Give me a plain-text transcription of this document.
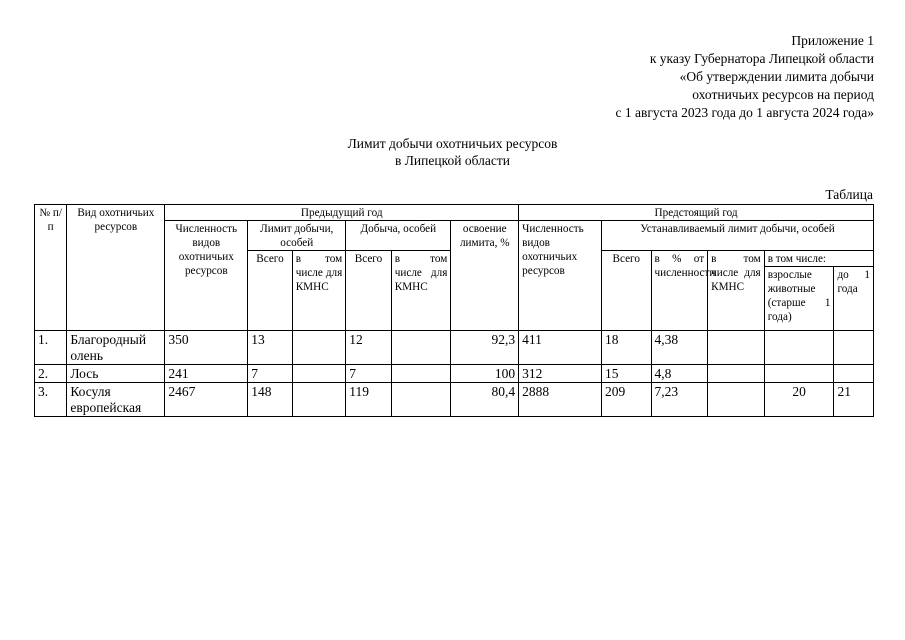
Приложение 1
к указу Губернатора Липецкой области
«Об утверждении лимита добычи
охотничьих ресурсов на период
с 1 августа 2023 года до 1 августа 2024 года»
Лимит добычи охотничьих ресурсов
в Липецкой области
Таблица
№ п/п	Вид охотничьих ресурсов	Предыдущий год						Предстоящий год					
		Численность видов охотничьих ресурсов	Лимит добычи, особей		Добыча, особей		освоение лимита, %	Численность видов охотничьих ресурсов	Устанавливаемый лимит добычи, особей				
			Всего	в том числе для КМНС	Всего	в том числе для КМНС			Всего	в % от численности	в том числе для КМНС	в том числе:	
												взрослые животные (старше 1 года)	до 1 года
1.	Благородный олень	350	13		12		92,3	411	18	4,38			
2.	Лось	241	7		7		100	312	15	4,8			
3.	Косуля европейская	2467	148		119		80,4	2888	209	7,23		20	21
